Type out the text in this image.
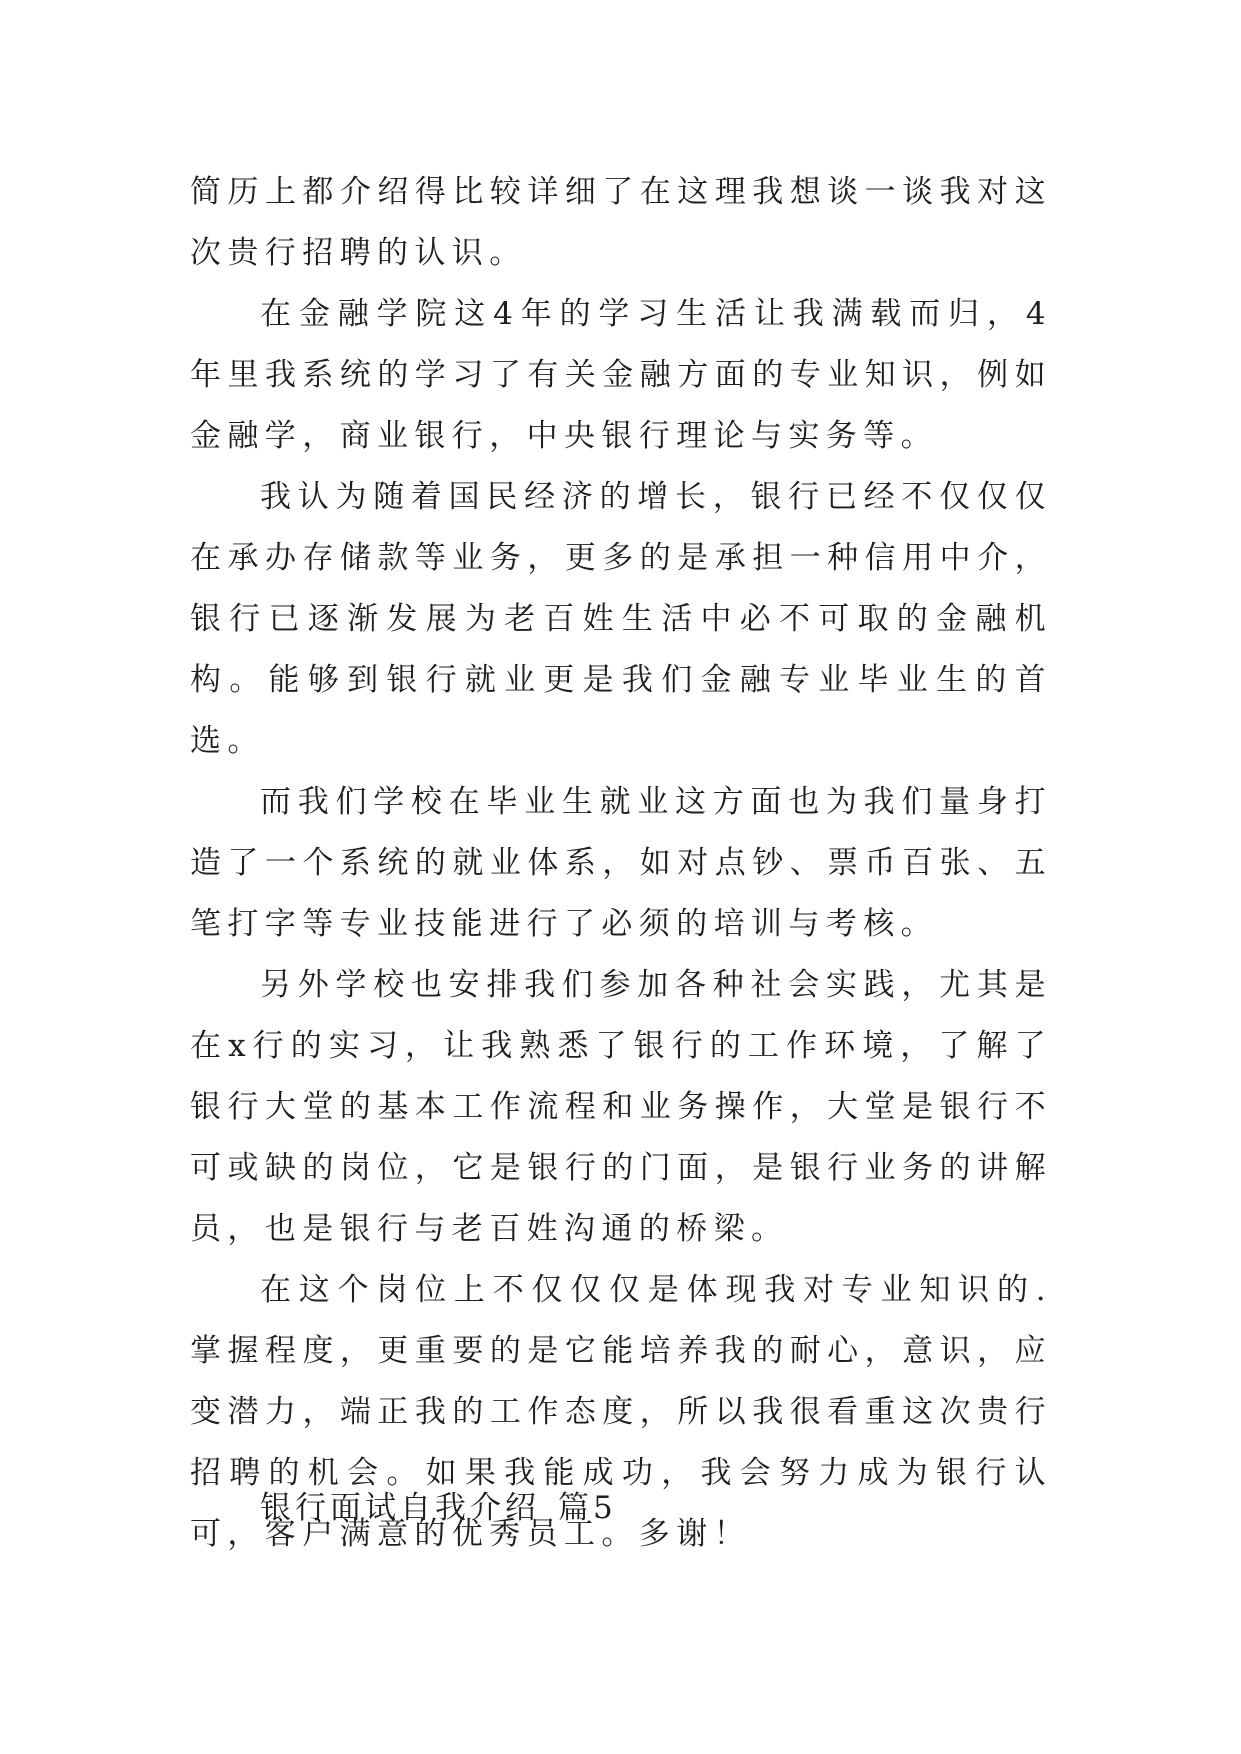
简历上都介绍得比较详细了在这理我想谈一谈我对这次贵行招聘的认识。

在金融学院这4年的学习生活让我满载而归，4年里我系统的学习了有关金融方面的专业知识，例如金融学，商业银行，中央银行理论与实务等。

我认为随着国民经济的增长，银行已经不仅仅仅在承办存储款等业务，更多的是承担一种信用中介，银行已逐渐发展为老百姓生活中必不可取的金融机构。能够到银行就业更是我们金融专业毕业生的首选。

而我们学校在毕业生就业这方面也为我们量身打造了一个系统的就业体系，如对点钞、票币百张、五笔打字等专业技能进行了必须的培训与考核。

另外学校也安排我们参加各种社会实践，尤其是在x行的实习，让我熟悉了银行的工作环境，了解了银行大堂的基本工作流程和业务操作，大堂是银行不可或缺的岗位，它是银行的门面，是银行业务的讲解员，也是银行与老百姓沟通的桥梁。

在这个岗位上不仅仅仅是体现我对专业知识的.掌握程度，更重要的是它能培养我的耐心，意识，应变潜力，端正我的工作态度，所以我很看重这次贵行招聘的机会。如果我能成功，我会努力成为银行认可，客户满意的优秀员工。多谢！

银行面试自我介绍 篇5
